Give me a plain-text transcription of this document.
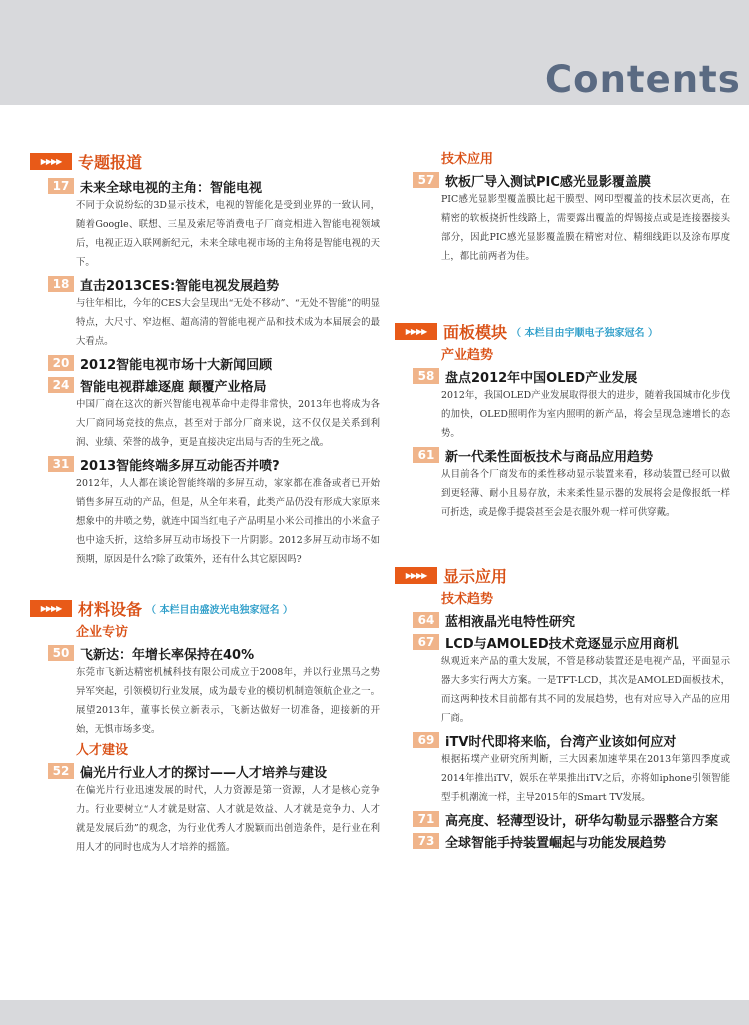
Contents
▶▶▶▶	专题报道
17 未来全球电视的主角：智能电视
不同于众说纷纭的3D显示技术，电视的智能化是受到业界的一致认同，随着Google、联想、三星及索尼等消费电子厂商竞相进入智能电视领域后，电视正迈入联网新纪元，未来全球电视市场的主角将是智能电视的天下。
18 直击2013CES:智能电视发展趋势
与往年相比，今年的CES大会呈现出“无处不移动”、“无处不智能”的明显特点，大尺寸、窄边框、超高清的智能电视产品和技术成为本届展会的最大看点。
20 2012智能电视市场十大新闻回顾
24 智能电视群雄逐鹿 颠覆产业格局
中国厂商在这次的新兴智能电视革命中走得非常快，2013年也将成为各大厂商同场竞技的焦点，甚至对于部分厂商来说，这不仅仅是关系到利润、业绩、荣誉的战争，更是直接决定出局与否的生死之战。
31 2013智能终端多屏互动能否并喷?
2012年，人人都在谈论智能终端的多屏互动，家家都在准备或者已开始销售多屏互动的产品，但是，从全年来看，此类产品仍没有形成大家原来想象中的井喷之势，就连中国当红电子产品明星小米公司推出的小米盒子也中途夭折，这给多屏互动市场投下一片阴影。2012多屏互动市场不如预期，原因是什么?除了政策外，还有什么其它原因吗?
▶▶▶▶	材料设备 （ 本栏目由盛波光电独家冠名 ）
企业专访
50 飞新达：年增长率保持在40%
东莞市飞新达精密机械科技有限公司成立于2008年，并以行业黑马之势异军突起，引领模切行业发展，成为最专业的模切机制造领航企业之一。展望2013年，董事长侯立新表示，飞新达做好一切准备，迎接新的开始，无惧市场多变。
人才建设
52 偏光片行业人才的探讨——人才培养与建设
在偏光片行业迅速发展的时代，人力资源是第一资源，人才是核心竞争力。行业要树立“人才就是财富、人才就是效益、人才就是竞争力、人才就是发展后劲”的观念，为行业优秀人才脱颖而出创造条件，是行业在利用人才的同时也成为人才培养的摇篮。
技术应用
57 软板厂导入测试PIC感光显影覆盖膜
PIC感光显影型覆盖膜比起干膜型、网印型覆盖的技术层次更高，在精密的软板挠折性线路上，需要露出覆盖的焊锡接点或是连接器接头部分，因此PIC感光显影覆盖膜在精密对位、精细线距以及涂布厚度上，都比前两者为佳。
▶▶▶▶	面板模块 （ 本栏目由宇顺电子独家冠名 ）
产业趋势
58 盘点2012年中国OLED产业发展
2012年，我国OLED产业发展取得很大的进步，随着我国城市化步伐的加快，OLED照明作为室内照明的新产品，将会呈现急速增长的态势。
61 新一代柔性面板技术与商品应用趋势
从目前各个厂商发布的柔性移动显示装置来看，移动装置已经可以做到更轻薄、耐小且易存放，未来柔性显示器的发展将会是像报纸一样可折迭，或是像手提袋甚至会是衣服外观一样可供穿戴。
▶▶▶▶	显示应用
技术趋势
64 蓝相液晶光电特性研究
67 LCD与AMOLED技术竞逐显示应用商机
纵观近来产品的重大发展，不管是移动装置还是电视产品，平面显示器大多实行两大方案。一是TFT-LCD，其次是AMOLED面板技术，而这两种技术目前都有其不同的发展趋势，也有对应导入产品的应用厂商。
69 iTV时代即将来临，台湾产业该如何应对
根据拓墣产业研究所判断，三大因素加速苹果在2013年第四季度或2014年推出iTV，娱乐在苹果推出iTV之后，亦将如iphone引领智能型手机潮流一样，主导2015年的Smart TV发展。
71 高亮度、轻薄型设计，研华勾勒显示器整合方案
73 全球智能手持装置崛起与功能发展趋势
